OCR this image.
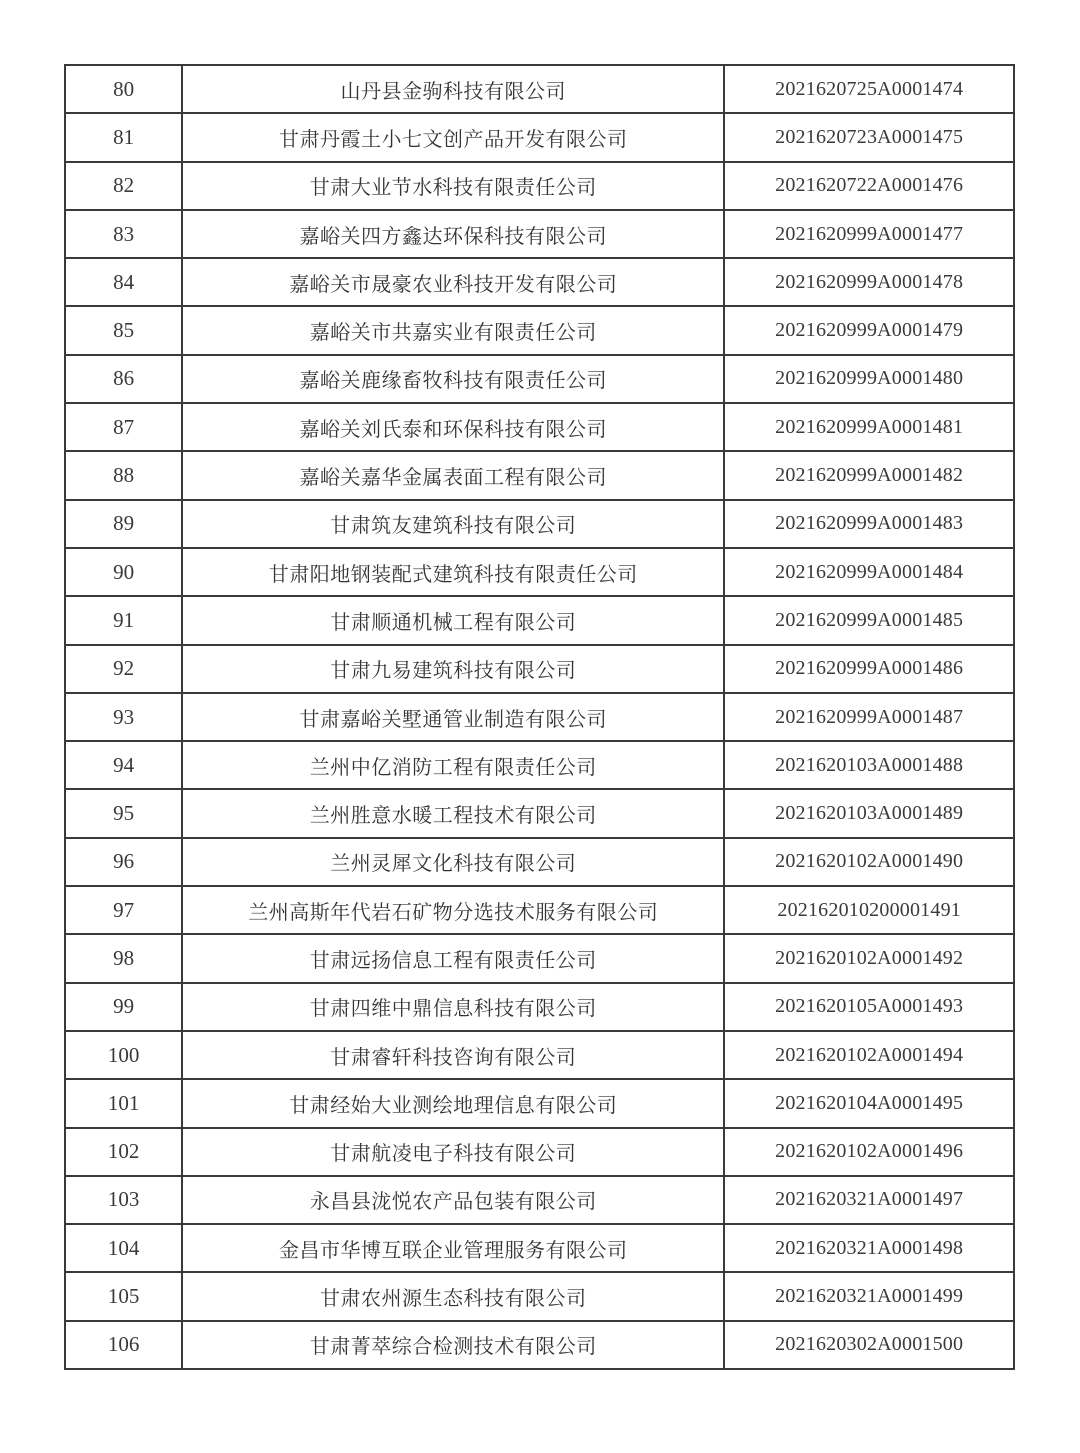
80	山丹县金驹科技有限公司	2021620725A0001474
81	甘肃丹霞土小七文创产品开发有限公司	2021620723A0001475
82	甘肃大业节水科技有限责任公司	2021620722A0001476
83	嘉峪关四方鑫达环保科技有限公司	2021620999A0001477
84	嘉峪关市晟豪农业科技开发有限公司	2021620999A0001478
85	嘉峪关市共嘉实业有限责任公司	2021620999A0001479
86	嘉峪关鹿缘畜牧科技有限责任公司	2021620999A0001480
87	嘉峪关刘氏泰和环保科技有限公司	2021620999A0001481
88	嘉峪关嘉华金属表面工程有限公司	2021620999A0001482
89	甘肃筑友建筑科技有限公司	2021620999A0001483
90	甘肃阳地钢装配式建筑科技有限责任公司	2021620999A0001484
91	甘肃顺通机械工程有限公司	2021620999A0001485
92	甘肃九易建筑科技有限公司	2021620999A0001486
93	甘肃嘉峪关墅通管业制造有限公司	2021620999A0001487
94	兰州中亿消防工程有限责任公司	2021620103A0001488
95	兰州胜意水暖工程技术有限公司	2021620103A0001489
96	兰州灵犀文化科技有限公司	2021620102A0001490
97	兰州高斯年代岩石矿物分选技术服务有限公司	202162010200001491
98	甘肃远扬信息工程有限责任公司	2021620102A0001492
99	甘肃四维中鼎信息科技有限公司	2021620105A0001493
100	甘肃睿轩科技咨询有限公司	2021620102A0001494
101	甘肃经始大业测绘地理信息有限公司	2021620104A0001495
102	甘肃航凌电子科技有限公司	2021620102A0001496
103	永昌县泷悦农产品包装有限公司	2021620321A0001497
104	金昌市华博互联企业管理服务有限公司	2021620321A0001498
105	甘肃农州源生态科技有限公司	2021620321A0001499
106	甘肃菁萃综合检测技术有限公司	2021620302A0001500
